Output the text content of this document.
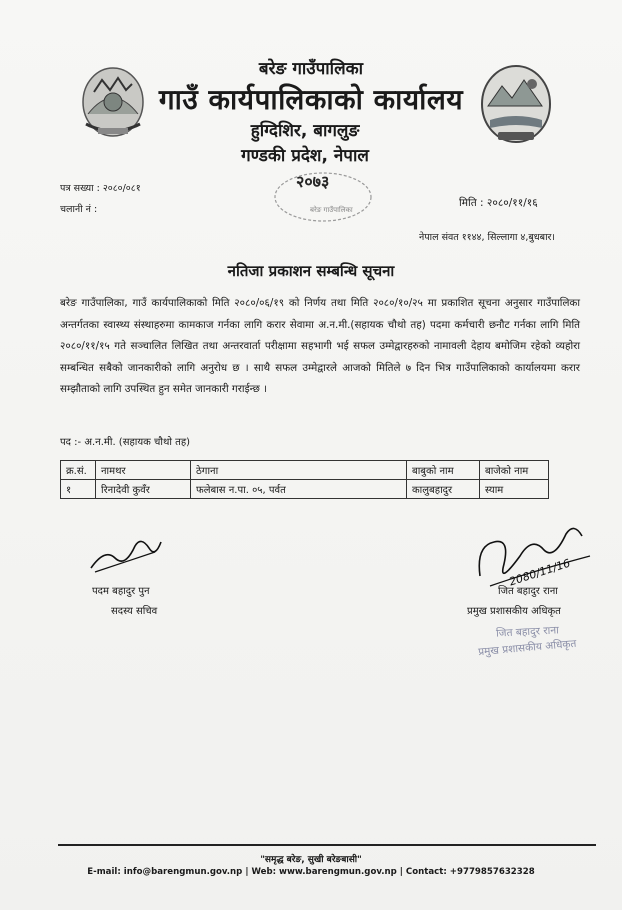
बरेङ गाउँपालिका
गाउँ कार्यपालिकाको कार्यालय
हुग्दिशिर, बागलुङ
गण्डकी प्रदेश, नेपाल
पत्र सख्या : २०८०/०८१
चलानी नं :
मिति : २०८०/११/१६
नेपाल संवत ११४४, सिल्लागा ४,बुधबार।
बरेङ गाउँपालिका
२०७३
नतिजा प्रकाशन सम्बन्धि सूचना
बरेङ गाउँपालिका, गाउँ कार्यपालिकाको मिति २०८०/०६/१९ को निर्णय तथा मिति २०८०/१०/२५ मा प्रकाशित सूचना अनुसार गाउँपालिका अन्तर्गतका स्वास्थ्य संस्थाहरुमा कामकाज गर्नका लागि करार सेवामा अ.न.मी.(सहायक चौथो तह) पदमा कर्मचारी छनौट गर्नका लागि मिति २०८०/११/१५ गते सञ्चालित लिखित तथा अन्तरवार्ता परीक्षामा सहभागी भई सफल उम्मेद्वारहरुको नामावली देहाय बमोजिम रहेको व्यहोरा सम्बन्धित सबैको जानकारीको लागि अनुरोध छ । साथै सफल उम्मेद्वारले आजको मितिले ७ दिन भित्र गाउँपालिकाको कार्यालयमा करार सम्झौताको लागि उपस्थित हुन समेत जानकारी गराईन्छ ।
पद :- अ.न.मी. (सहायक चौथो तह)
क्र.सं.	नामथर	ठेगाना	बाबुको नाम	बाजेको नाम
१	रिनादेवी कुवँर	फलेबास न.पा. ०५, पर्वत	कालुबहादुर	स्याम
पदम बहादुर पुन
सदस्य सचिव
2080/11/16
जित बहादुर राना
प्रमुख प्रशासकीय अधिकृत
जित बहादुर राना
प्रमुख प्रशासकीय अधिकृत
"समृद्ध बरेङ, सुखी बरेङबासी"
E-mail: info@barengmun.gov.np | Web: www.barengmun.gov.np | Contact: +9779857632328
